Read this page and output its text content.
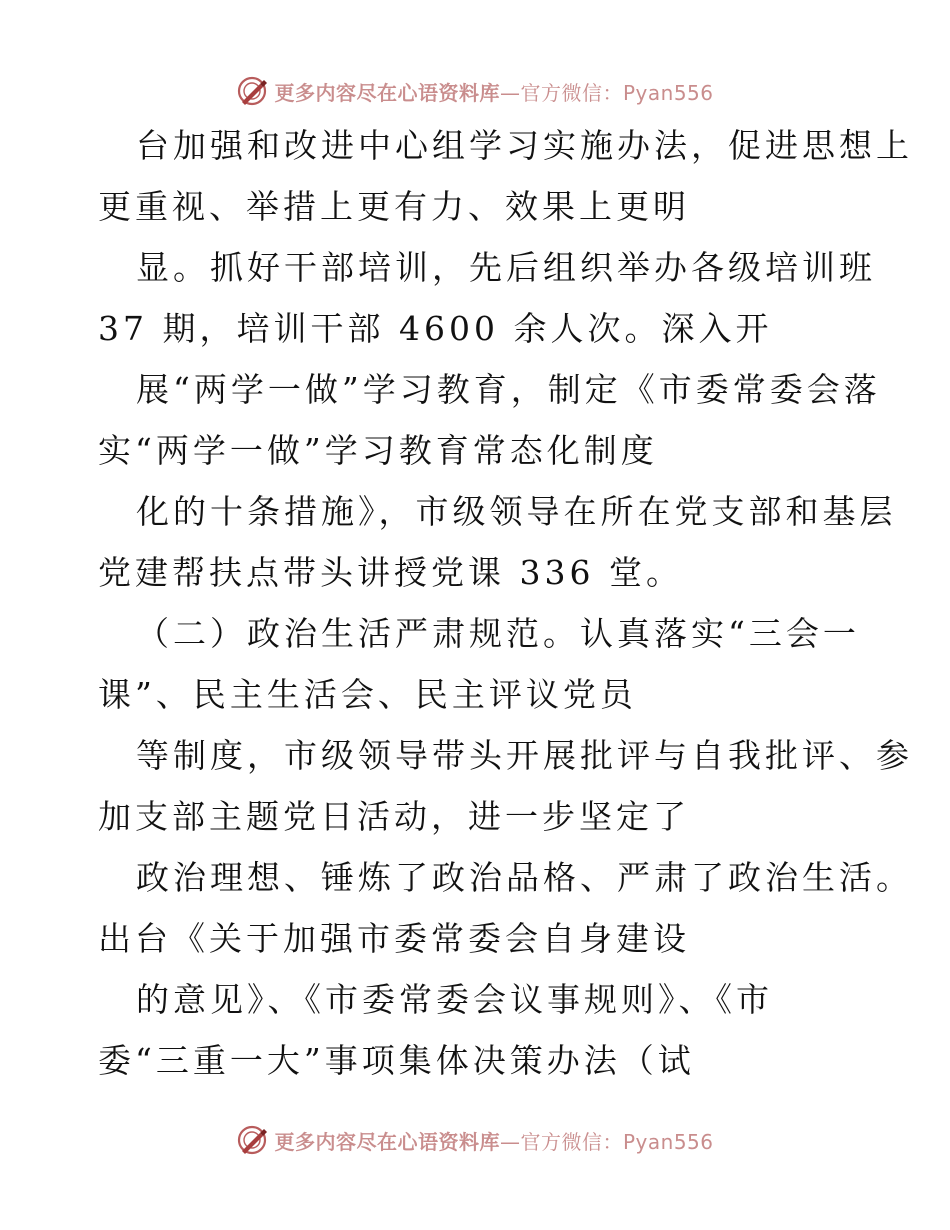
更多内容尽在心语资料库—官方微信：Pyan556
台加强和改进中心组学习实施办法，促进思想上
更重视、举措上更有力、效果上更明
显。抓好干部培训，先后组织举办各级培训班
37 期，培训干部 4600 余人次。深入开
展“两学一做”学习教育，制定《市委常委会落
实“两学一做”学习教育常态化制度
化的十条措施》，市级领导在所在党支部和基层
党建帮扶点带头讲授党课 336 堂。
（二）政治生活严肃规范。认真落实“三会一
课”、民主生活会、民主评议党员
等制度，市级领导带头开展批评与自我批评、参
加支部主题党日活动，进一步坚定了
政治理想、锤炼了政治品格、严肃了政治生活。
出台《关于加强市委常委会自身建设
的意见》、《市委常委会议事规则》、《市
委“三重一大”事项集体决策办法（试
更多内容尽在心语资料库—官方微信：Pyan556
